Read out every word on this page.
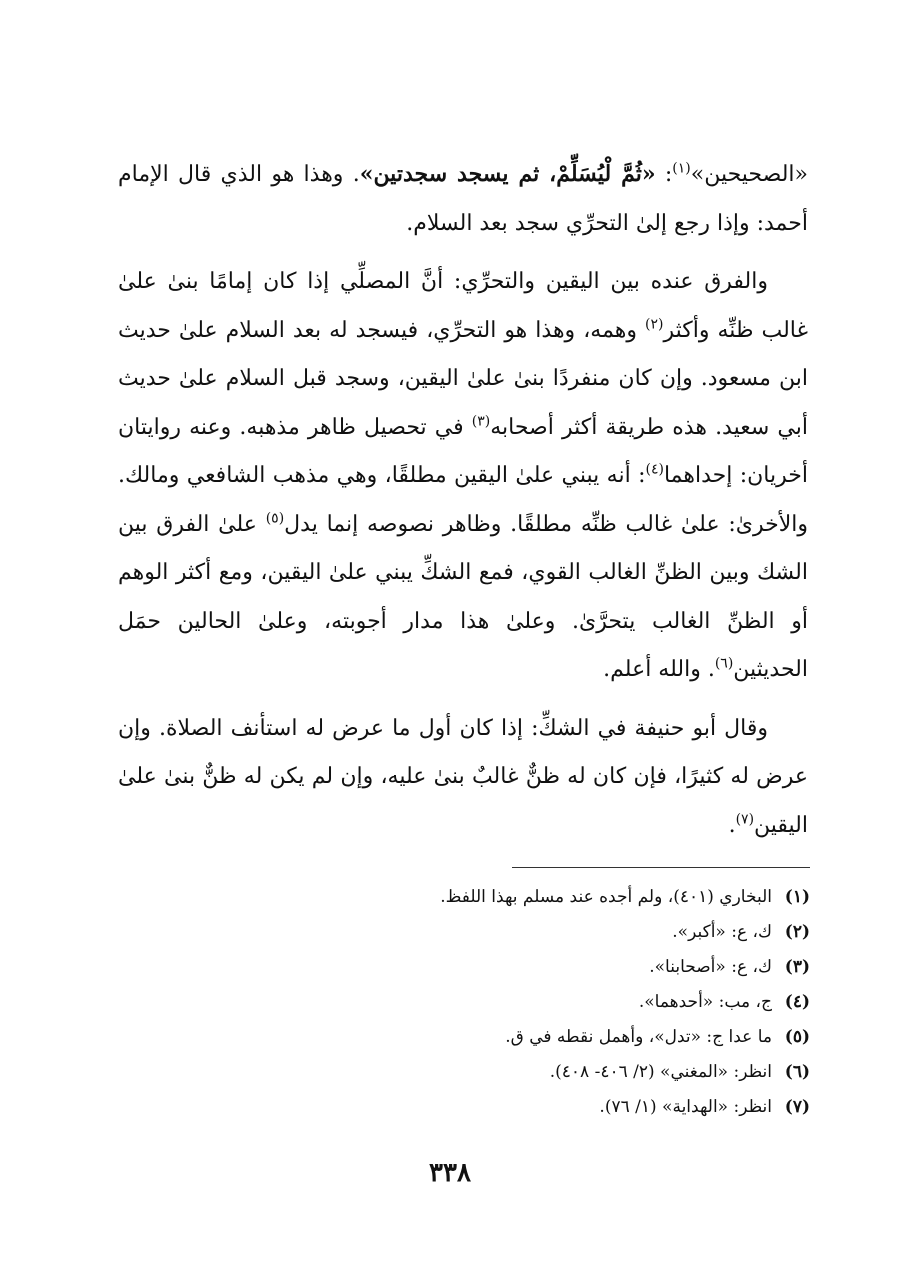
«الصحيحين»$^{(١)}$: «ثُمَّ لْيُسَلِّمْ، ثم يسجد سجدتين». وهذا هو الذي قال الإمام أحمد: وإذا رجع إلىٰ التحرِّي سجد بعد السلام.

والفرق عنده بين اليقين والتحرِّي: أنَّ المصلِّي إذا كان إمامًا بنىٰ علىٰ غالب ظنِّه وأكثر$^{(٢)}$ وهمه، وهذا هو التحرِّي، فيسجد له بعد السلام علىٰ حديث ابن مسعود. وإن كان منفردًا بنىٰ علىٰ اليقين، وسجد قبل السلام علىٰ حديث أبي سعيد. هذه طريقة أكثر أصحابه$^{(٣)}$ في تحصيل ظاهر مذهبه. وعنه روايتان أخريان: إحداهما$^{(٤)}$: أنه يبني علىٰ اليقين مطلقًا، وهي مذهب الشافعي ومالك. والأخرىٰ: علىٰ غالب ظنِّه مطلقًا. وظاهر نصوصه إنما يدل$^{(٥)}$ علىٰ الفرق بين الشك وبين الظنِّ الغالب القوي، فمع الشكِّ يبني علىٰ اليقين، ومع أكثر الوهم أو الظنِّ الغالب يتحرَّىٰ. وعلىٰ هذا مدار أجوبته، وعلىٰ الحالين حمَل الحديثين$^{(٦)}$. والله أعلم.

وقال أبو حنيفة في الشكِّ: إذا كان أول ما عرض له استأنف الصلاة. وإن عرض له كثيرًا، فإن كان له ظنٌّ غالبٌ بنىٰ عليه، وإن لم يكن له ظنٌّ بنىٰ علىٰ اليقين$^{(٧)}$.

(١)البخاري (٤٠١)، ولم أجده عند مسلم بهذا اللفظ.
(٢)ك، ع: «أكبر».
(٣)ك، ع: «أصحابنا».
(٤)ج، مب: «أحدهما».
(٥)ما عدا ج: «تدل»، وأهمل نقطه في ق.
(٦)انظر: «المغني» (٢/ ٤٠٦- ٤٠٨).
(٧)انظر: «الهداية» (١/ ٧٦).
٣٣٨
